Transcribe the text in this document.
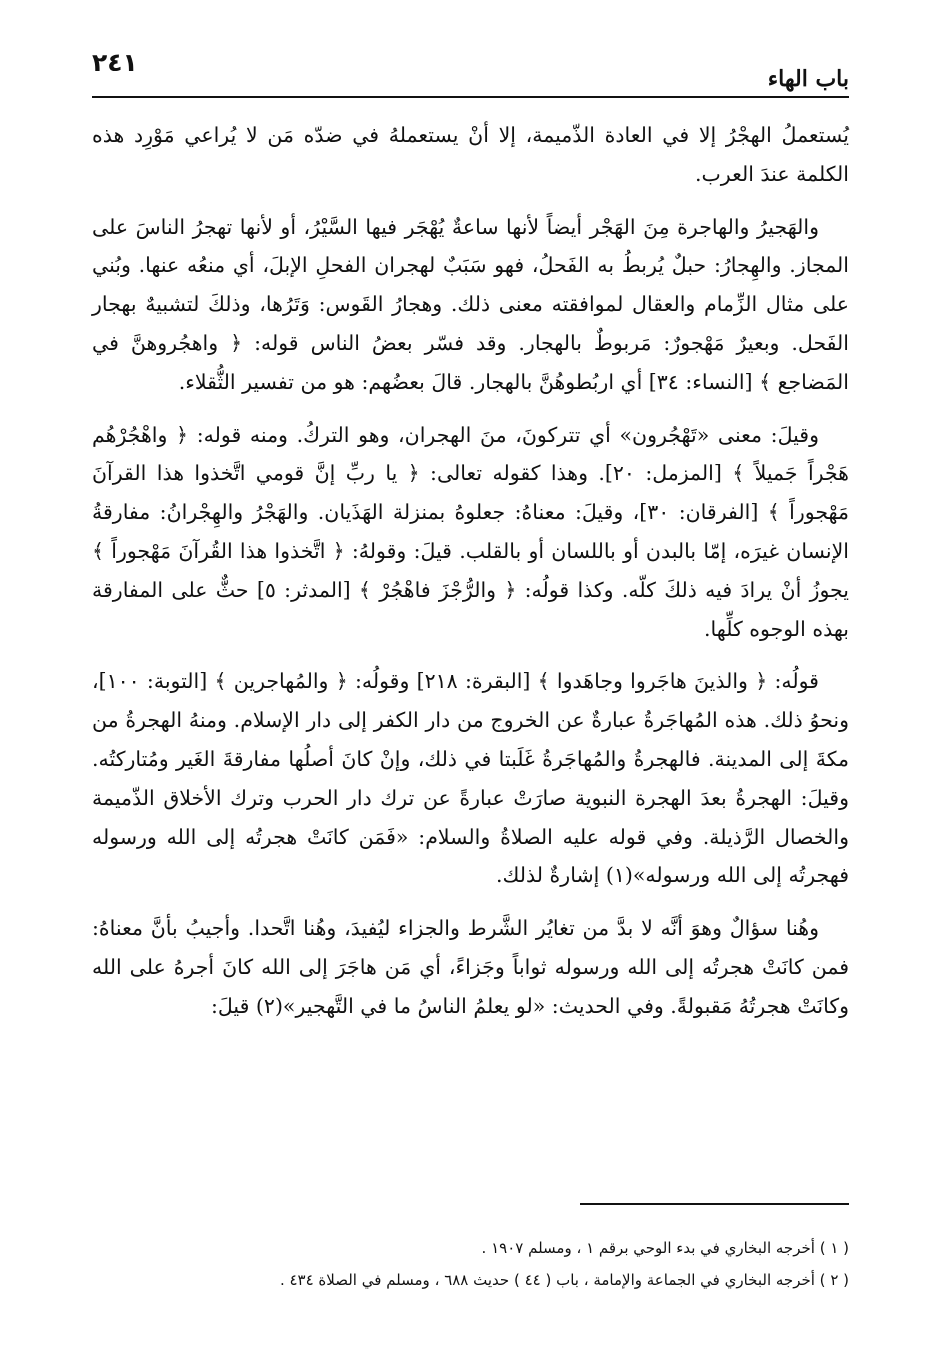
باب الهاء
٢٤١

يُستعملُ الهجْرُ إلا في العادة الذّميمة، إلا أنْ يستعملهُ في ضدّه مَن لا يُراعي مَوْرِد هذه الكلمة عندَ العرب.

والهَجيرُ والهاجرة مِنَ الهَجْر أيضاً لأنها ساعةٌ يُهْجَر فيها السَّيْرُ، أو لأنها تهجرُ الناسَ على المجاز. والهِجارُ: حبلٌ يُربطُ به الفَحلُ، فهو سَبَبٌ لهجران الفحلِ الإبلَ، أي منعُه عنها. وبُني على مثال الزِّمام والعقال لموافقته معنى ذلك. وهجارُ القَوس: وَتَرُها، وذلكَ لتشبيهٌ بهجار الفَحل. وبعيرٌ مَهْجورٌ: مَربوطٌ بالهجار. وقد فسّر بعضُ الناس قوله: ﴿ واهجُروهنَّ في المَضاجع ﴾ [النساء: ٣٤] أي اربُطوهُنَّ بالهجار. قالَ بعضُهم: هو من تفسير الثُّقلاء.

وقيلَ: معنى «تَهْجُرون» أي تتركونَ، منَ الهجران، وهو التركُ. ومنه قوله: ﴿ واهْجُرْهُم هَجْراً جَميلاً ﴾ [المزمل: ٢٠]. وهذا كقوله تعالى: ﴿ يا ربِّ إنَّ قومي اتَّخذوا هذا القرآنَ مَهْجوراً ﴾ [الفرقان: ٣٠]، وقيلَ: معناهُ: جعلوهُ بمنزلة الهَذَيان. والهَجْرُ والهِجْرانُ: مفارقةُ الإنسان غيرَه، إمّا بالبدن أو باللسان أو بالقلب. قيلَ: وقولهُ: ﴿ اتَّخذوا هذا القُرآنَ مَهْجوراً ﴾ يجوزُ أنْ يرادَ فيه ذلكَ كلّه. وكذا قولُه: ﴿ والرُّجْزَ فاهْجُرْ ﴾ [المدثر: ٥] حثٌّ على المفارقة بهذه الوجوه كلِّها.

قولُه: ﴿ والذينَ هاجَروا وجاهَدوا ﴾ [البقرة: ٢١٨] وقولُه: ﴿ والمُهاجرين ﴾ [التوبة: ١٠٠]، ونحوُ ذلك. هذه المُهاجَرةُ عبارةٌ عن الخروج من دار الكفر إلى دار الإسلام. ومنهُ الهجرةُ من مكةَ إلى المدينة. فالهجرةُ والمُهاجَرةُ غَلَبتا في ذلك، وإنْ كانَ أصلُها مفارقةَ الغَير ومُتاركتُه. وقيلَ: الهجرةُ بعدَ الهجرة النبوية صارَتْ عبارةً عن ترك دار الحرب وترك الأخلاق الذّميمة والخصال الرَّذيلة. وفي قوله عليه الصلاةُ والسلام: «فَمَن كانَتْ هجرتُه إلى الله ورسوله فهجرتُه إلى الله ورسوله»(١) إشارةٌ لذلك.

وهُنا سؤالٌ وهوَ أنَّه لا بدَّ من تغايُر الشَّرط والجزاء ليُفيدَ، وهُنا اتَّحدا. وأجيبُ بأنَّ معناهُ: فمن كانَتْ هجرتُه إلى الله ورسوله ثواباً وجَزاءً، أي مَن هاجَرَ إلى الله كانَ أجرهُ على الله وكانَتْ هجرتُهُ مَقبولةً. وفي الحديث: «لو يعلمُ الناسُ ما في التَّهجير»(٢) قيلَ:

( ١ ) أخرجه البخاري في بدء الوحي برقم ١ ، ومسلم ١٩٠٧ .
( ٢ ) أخرجه البخاري في الجماعة والإمامة ، باب ( ٤٤ ) حديث ٦٨٨ ، ومسلم في الصلاة ٤٣٤ .
